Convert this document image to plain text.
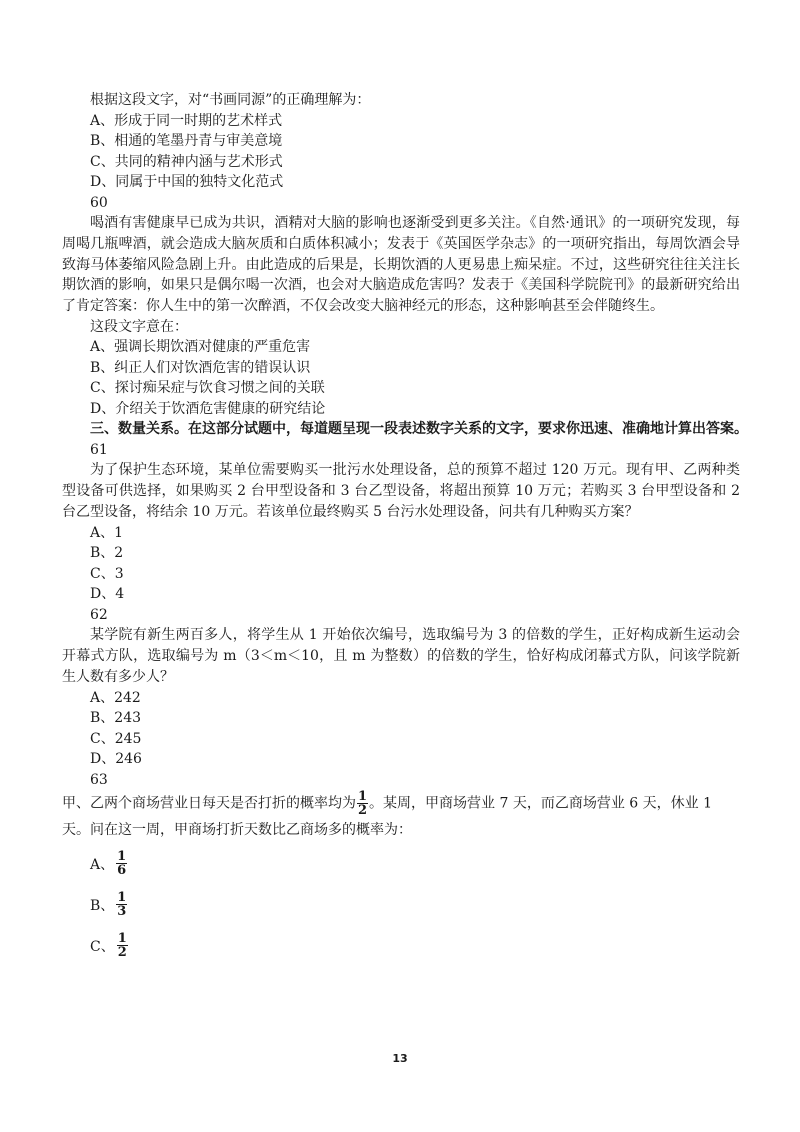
根据这段文字，对“书画同源”的正确理解为：

A、形成于同一时期的艺术样式

B、相通的笔墨丹青与审美意境

C、共同的精神内涵与艺术形式

D、同属于中国的独特文化范式

60

喝酒有害健康早已成为共识，酒精对大脑的影响也逐渐受到更多关注。《自然·通讯》的一项研究发现，每周喝几瓶啤酒，就会造成大脑灰质和白质体积减小；发表于《英国医学杂志》的一项研究指出，每周饮酒会导致海马体萎缩风险急剧上升。由此造成的后果是，长期饮酒的人更易患上痴呆症。不过，这些研究往往关注长期饮酒的影响，如果只是偶尔喝一次酒，也会对大脑造成危害吗？发表于《美国科学院院刊》的最新研究给出了肯定答案：你人生中的第一次醉酒，不仅会改变大脑神经元的形态，这种影响甚至会伴随终生。

这段文字意在：

A、强调长期饮酒对健康的严重危害

B、纠正人们对饮酒危害的错误认识

C、探讨痴呆症与饮食习惯之间的关联

D、介绍关于饮酒危害健康的研究结论

三、数量关系。在这部分试题中，每道题呈现一段表述数字关系的文字，要求你迅速、准确地计算出答案。

61

为了保护生态环境，某单位需要购买一批污水处理设备，总的预算不超过 120 万元。现有甲、乙两种类型设备可供选择，如果购买 2 台甲型设备和 3 台乙型设备，将超出预算 10 万元；若购买 3 台甲型设备和 2 台乙型设备，将结余 10 万元。若该单位最终购买 5 台污水处理设备，问共有几种购买方案？

A、1

B、2

C、3

D、4

62

某学院有新生两百多人，将学生从 1 开始依次编号，选取编号为 3 的倍数的学生，正好构成新生运动会开幕式方队，选取编号为 m（3＜m＜10，且 m 为整数）的倍数的学生，恰好构成闭幕式方队，问该学院新生人数有多少人？

A、242

B、243

C、245

D、246

63

甲、乙两个商场营业日每天是否打折的概率均为 $\frac{1}{2}$ 。某周，甲商场营业 7 天，而乙商场营业 6 天，休业 1 天。问在这一周，甲商场打折天数比乙商场多的概率为：

A、 $\frac{1}{6}$
B、 $\frac{1}{3}$
C、 $\frac{1}{2}$
13
